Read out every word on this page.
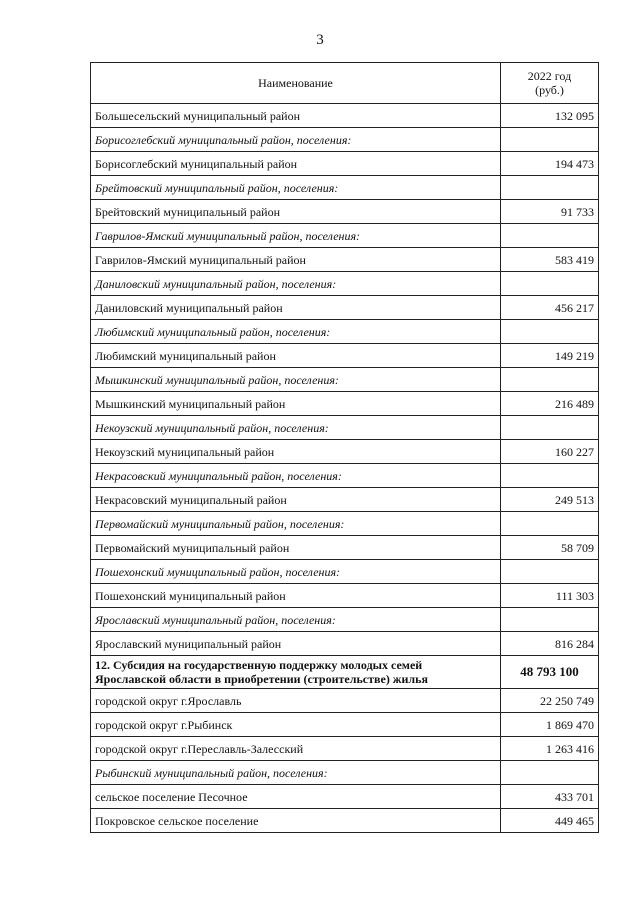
3
Наименование	2022 год
(руб.)
Большесельский муниципальный район	132 095
Борисоглебский муниципальный район, поселения:	
Борисоглебский муниципальный район	194 473
Брейтовский муниципальный район, поселения:	
Брейтовский муниципальный район	91 733
Гаврилов-Ямский муниципальный район, поселения:	
Гаврилов-Ямский муниципальный район	583 419
Даниловский муниципальный район, поселения:	
Даниловский муниципальный район	456 217
Любимский муниципальный район, поселения:	
Любимский муниципальный район	149 219
Мышкинский муниципальный район, поселения:	
Мышкинский муниципальный район	216 489
Некоузский муниципальный район, поселения:	
Некоузский муниципальный район	160 227
Некрасовский муниципальный район, поселения:	
Некрасовский муниципальный район	249 513
Первомайский муниципальный район, поселения:	
Первомайский муниципальный район	58 709
Пошехонский муниципальный район, поселения:	
Пошехонский муниципальный район	111 303
Ярославский муниципальный район, поселения:	
Ярославский муниципальный район	816 284
12. Субсидия на государственную поддержку молодых семей Ярославской области в приобретении (строительстве) жилья	48 793 100
городской округ г.Ярославль	22 250 749
городской округ г.Рыбинск	1 869 470
городской округ г.Переславль-Залесский	1 263 416
Рыбинский муниципальный район, поселения:	
сельское поселение Песочное	433 701
Покровское сельское поселение	449 465
